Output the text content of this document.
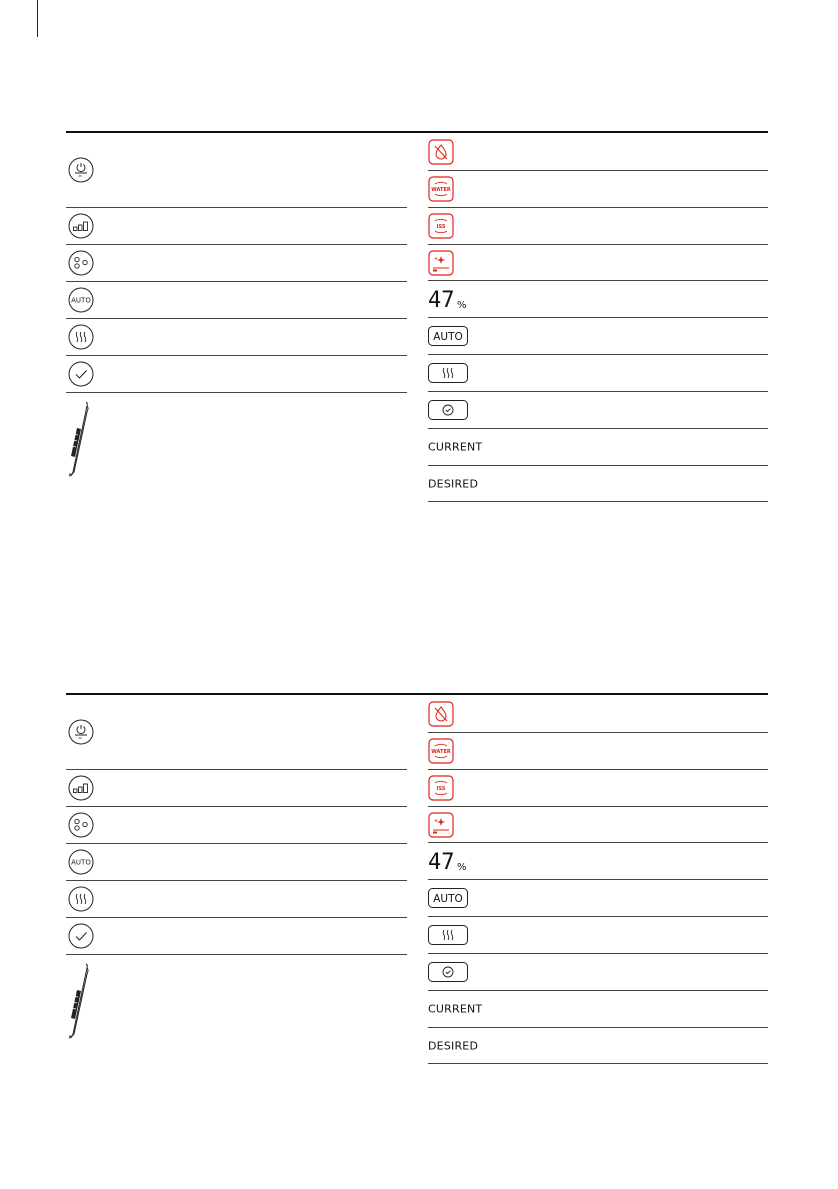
3S
AUTO
WATER
ISS
47 %
AUTO
CURRENT
DESIRED
3S
AUTO
WATER
ISS
47 %
AUTO
CURRENT
DESIRED
